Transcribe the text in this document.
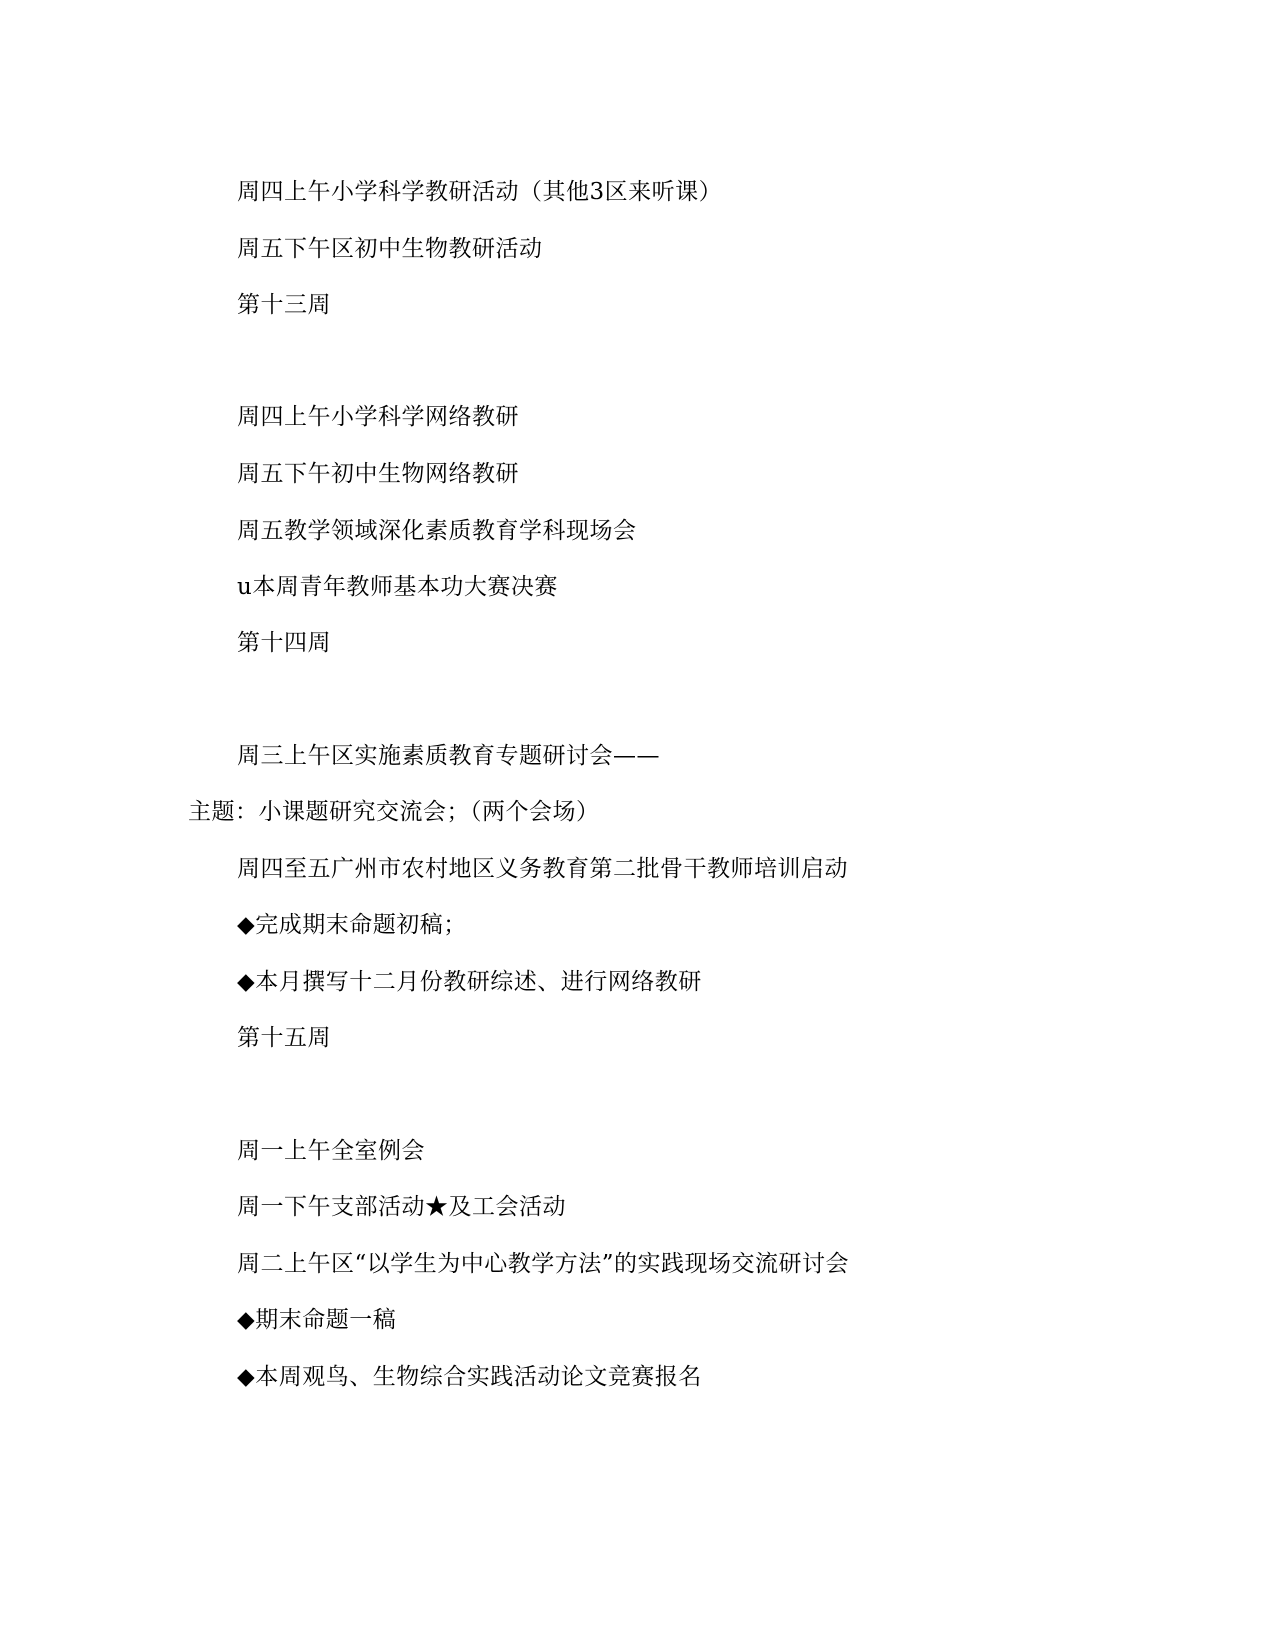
周四上午小学科学教研活动（其他3区来听课）
周五下午区初中生物教研活动
第十三周
周四上午小学科学网络教研
周五下午初中生物网络教研
周五教学领域深化素质教育学科现场会
u本周青年教师基本功大赛决赛
第十四周
周三上午区实施素质教育专题研讨会——
主题：小课题研究交流会；（两个会场）
周四至五广州市农村地区义务教育第二批骨干教师培训启动
◆完成期末命题初稿；
◆本月撰写十二月份教研综述、进行网络教研
第十五周
周一上午全室例会
周一下午支部活动★及工会活动
周二上午区“以学生为中心教学方法”的实践现场交流研讨会
◆期末命题一稿
◆本周观鸟、生物综合实践活动论文竞赛报名
